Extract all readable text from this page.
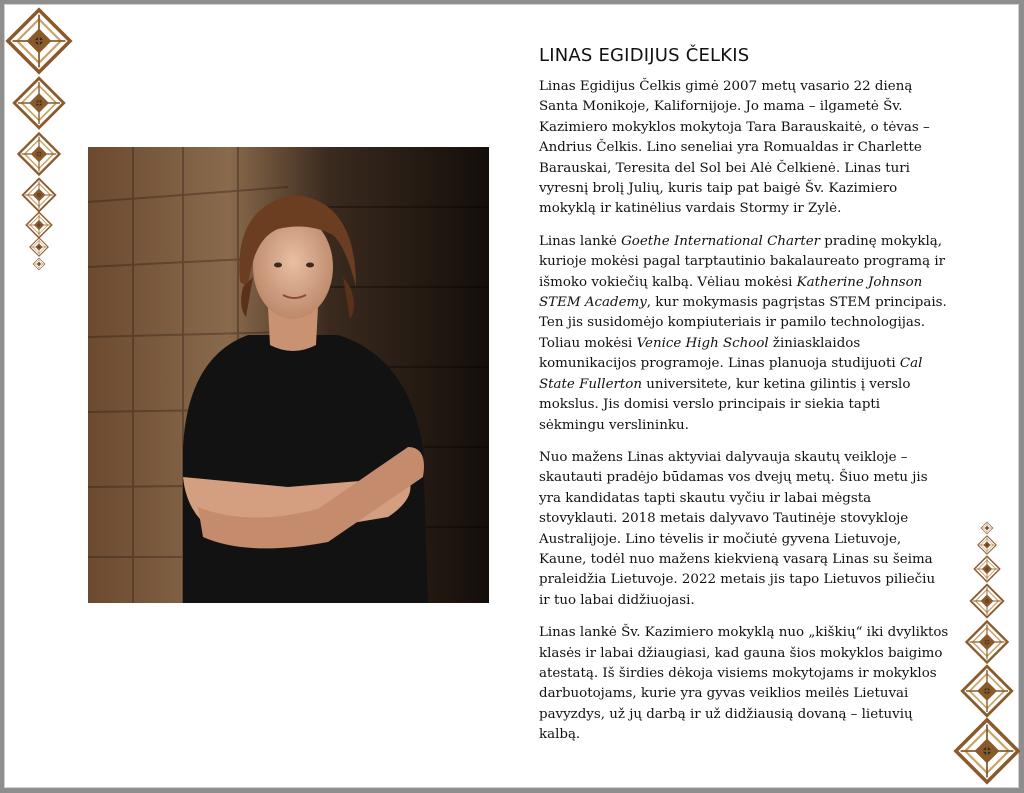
LINAS EGIDIJUS ČELKIS

Linas Egidijus Čelkis gimė 2007 metų vasario 22 dieną Santa Monikoje, Kalifornijoje. Jo mama – ilgametė Šv. Kazimiero mokyklos mokytoja Tara Barauskaitė, o tėvas – Andrius Čelkis. Lino seneliai yra Romualdas ir Charlette Barauskai, Teresita del Sol bei Alė Čelkienė. Linas turi vyresnį brolį Julių, kuris taip pat baigė Šv. Kazimiero mokyklą ir katinėlius vardais Stormy ir Zylė.

Linas lankė Goethe International Charter pradinę mokyklą, kurioje mokėsi pagal tarptautinio bakalaureato programą ir išmoko vokiečių kalbą. Vėliau mokėsi Katherine Johnson STEM Academy, kur mokymasis pagrįstas STEM principais. Ten jis susidomėjo kompiuteriais ir pamilo technologijas. Toliau mokėsi Venice High School žiniasklaidos komunikacijos programoje. Linas planuoja studijuoti Cal State Fullerton universitete, kur ketina gilintis į verslo mokslus. Jis domisi verslo principais ir siekia tapti sėkmingu verslininku.

Nuo mažens Linas aktyviai dalyvauja skautų veikloje – skautauti pradėjo būdamas vos dvejų metų. Šiuo metu jis yra kandidatas tapti skautu vyčiu ir labai mėgsta stovyklauti. 2018 metais dalyvavo Tautinėje stovykloje Australijoje. Lino tėvelis ir močiutė gyvena Lietuvoje, Kaune, todėl nuo mažens kiekvieną vasarą Linas su šeima praleidžia Lietuvoje. 2022 metais jis tapo Lietuvos piliečiu ir tuo labai didžiuojasi.

Linas lankė Šv. Kazimiero mokyklą nuo „kiškių“ iki dvyliktos klasės ir labai džiaugiasi, kad gauna šios mokyklos baigimo atestatą. Iš širdies dėkoja visiems mokytojams ir mokyklos darbuotojams, kurie yra gyvas veiklios meilės Lietuvai pavyzdys, už jų darbą ir už didžiausią dovaną – lietuvių kalbą.
